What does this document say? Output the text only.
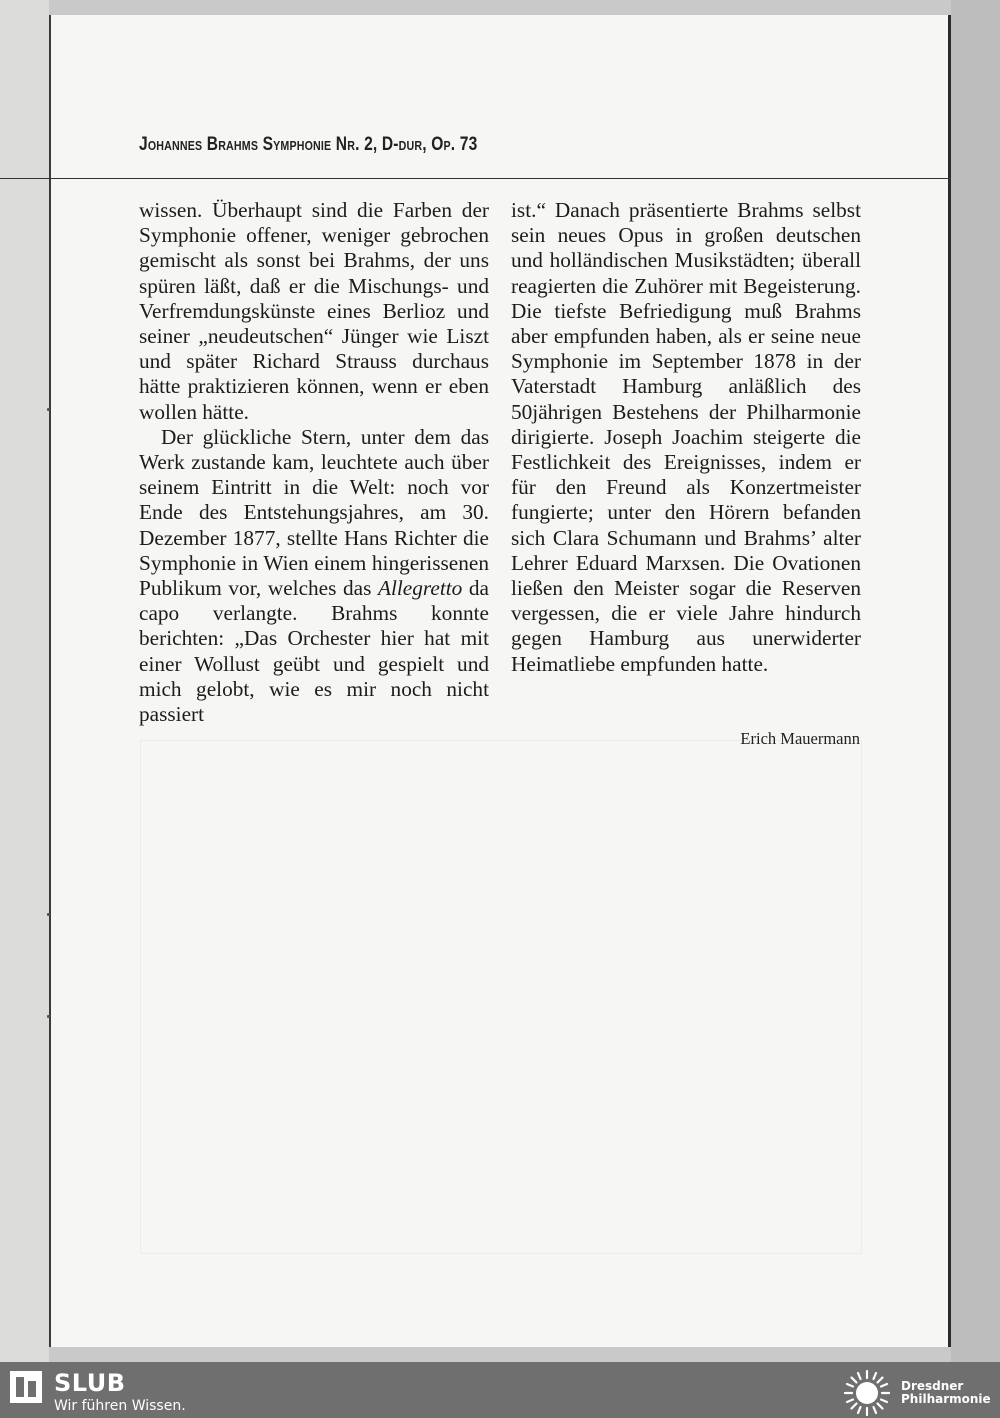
Johannes Brahms Symphonie Nr. 2, D-dur, Op. 73

wissen. Überhaupt sind die Farben der Symphonie offener, weniger gebrochen gemischt als sonst bei Brahms, der uns spüren läßt, daß er die Mischungs- und Verfremdungskünste eines Berlioz und seiner „neudeutschen“ Jünger wie Liszt und später Richard Strauss durchaus hätte praktizieren können, wenn er eben wollen hätte.

Der glückliche Stern, unter dem das Werk zustande kam, leuchtete auch über seinem Eintritt in die Welt: noch vor Ende des Entstehungsjahres, am 30. Dezember 1877, stellte Hans Richter die Symphonie in Wien einem hingerissenen Publikum vor, welches das Allegretto da capo verlangte. Brahms konnte berichten: „Das Orchester hier hat mit einer Wollust geübt und gespielt und mich gelobt, wie es mir noch nicht passiert

ist.“ Danach präsentierte Brahms selbst sein neues Opus in großen deutschen und holländischen Musikstädten; überall reagierten die Zuhörer mit Begeisterung. Die tiefste Befriedigung muß Brahms aber empfunden haben, als er seine neue Symphonie im September 1878 in der Vaterstadt Hamburg anläßlich des 50jährigen Bestehens der Philharmonie dirigierte. Joseph Joachim steigerte die Festlichkeit des Ereignisses, indem er für den Freund als Konzertmeister fungierte; unter den Hörern befanden sich Clara Schumann und Brahms’ alter Lehrer Eduard Marxsen. Die Ovationen ließen den Meister sogar die Reserven vergessen, die er viele Jahre hindurch gegen Hamburg aus unerwiderter Heimatliebe empfunden hatte.

Erich Mauermann
SLUB
Wir führen Wissen.
Dresdner
Philharmonie
